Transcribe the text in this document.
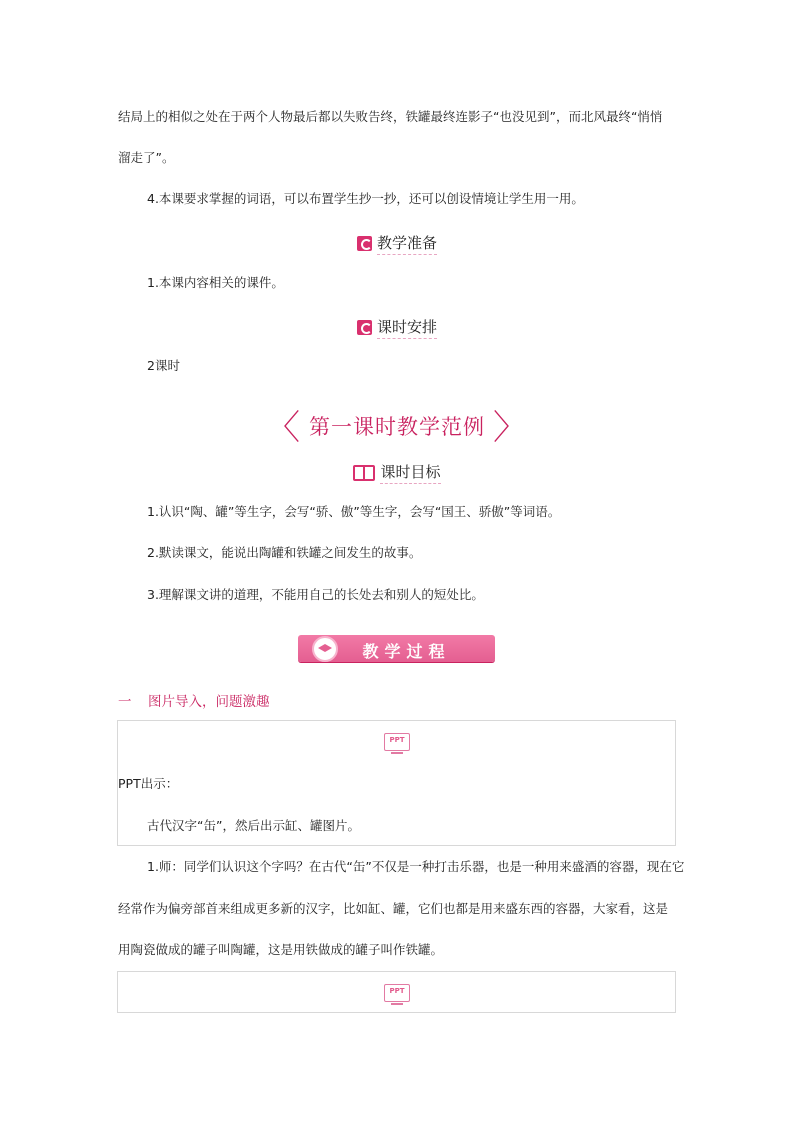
结局上的相似之处在于两个人物最后都以失败告终，铁罐最终连影子“也没见到”，而北风最终“悄悄
溜走了”。
4.本课要求掌握的词语，可以布置学生抄一抄，还可以创设情境让学生用一用。
教学准备
1.本课内容相关的课件。
课时安排
2课时
〈 第一课时教学范例 〉
课时目标
1.认识“陶、罐”等生字，会写“骄、傲”等生字，会写“国王、骄傲”等词语。
2.默读课文，能说出陶罐和铁罐之间发生的故事。
3.理解课文讲的道理，不能用自己的长处去和别人的短处比。
教学过程
一 图片导入，问题激趣
PPT
PPT出示：
古代汉字“缶”，然后出示缸、罐图片。
1.师：同学们认识这个字吗？在古代“缶”不仅是一种打击乐器，也是一种用来盛酒的容器，现在它
经常作为偏旁部首来组成更多新的汉字，比如缸、罐，它们也都是用来盛东西的容器，大家看，这是
用陶瓷做成的罐子叫陶罐，这是用铁做成的罐子叫作铁罐。
PPT
